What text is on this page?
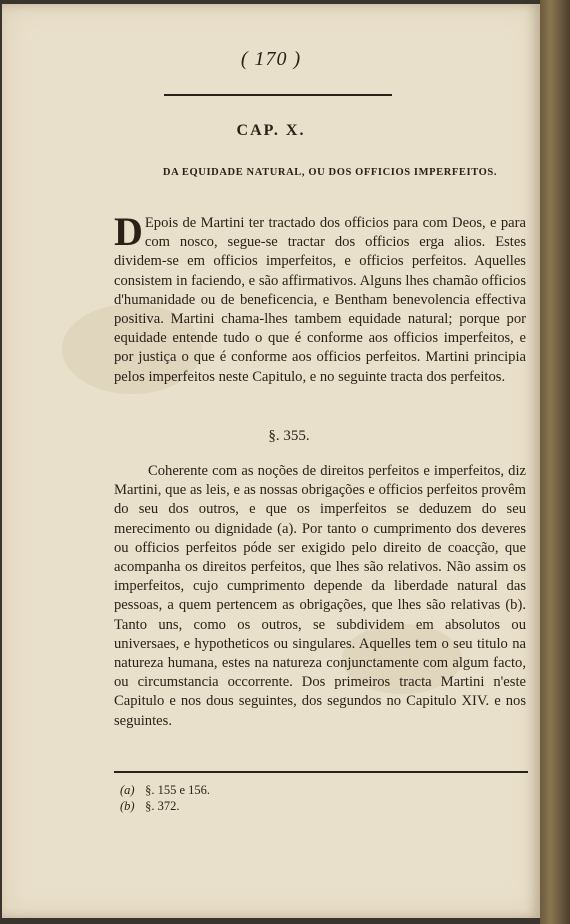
( 170 )
CAP. X.
DA EQUIDADE NATURAL, OU DOS OFFICIOS IMPERFEITOS.
D Epois de Martini ter tractado dos officios para com Deos, e para com nosco, segue-se tractar dos officios erga alios. Estes dividem-se em officios imperfeitos, e officios perfeitos. Aquelles consistem in faciendo, e são affirmativos. Alguns lhes chamão officios d'humanidade ou de beneficencia, e Bentham benevolencia effectiva positiva. Martini chama-lhes tambem equidade natural; porque por equidade entende tudo o que é conforme aos officios imperfeitos, e por justiça o que é conforme aos officios perfeitos. Martini principia pelos imperfeitos neste Capitulo, e no seguinte tracta dos perfeitos.
§. 355.
Coherente com as noções de direitos perfeitos e imperfeitos, diz Martini, que as leis, e as nossas obrigações e officios perfeitos provêm do seu dos outros, e que os imperfeitos se deduzem do seu merecimento ou dignidade (a). Por tanto o cumprimento dos deveres ou officios perfeitos póde ser exigido pelo direito de coacção, que acompanha os direitos perfeitos, que lhes são relativos. Não assim os imperfeitos, cujo cumprimento depende da liberdade natural das pessoas, a quem pertencem as obrigações, que lhes são relativas (b). Tanto uns, como os outros, se subdividem em absolutos ou universaes, e hypotheticos ou singulares. Aquelles tem o seu titulo na natureza humana, estes na natureza conjunctamente com algum facto, ou circumstancia occorrente. Dos primeiros tracta Martini n'este Capitulo e nos dous seguintes, dos segundos no Capitulo XIV. e nos seguintes.
(a) §. 155 e 156.
(b) §. 372.
